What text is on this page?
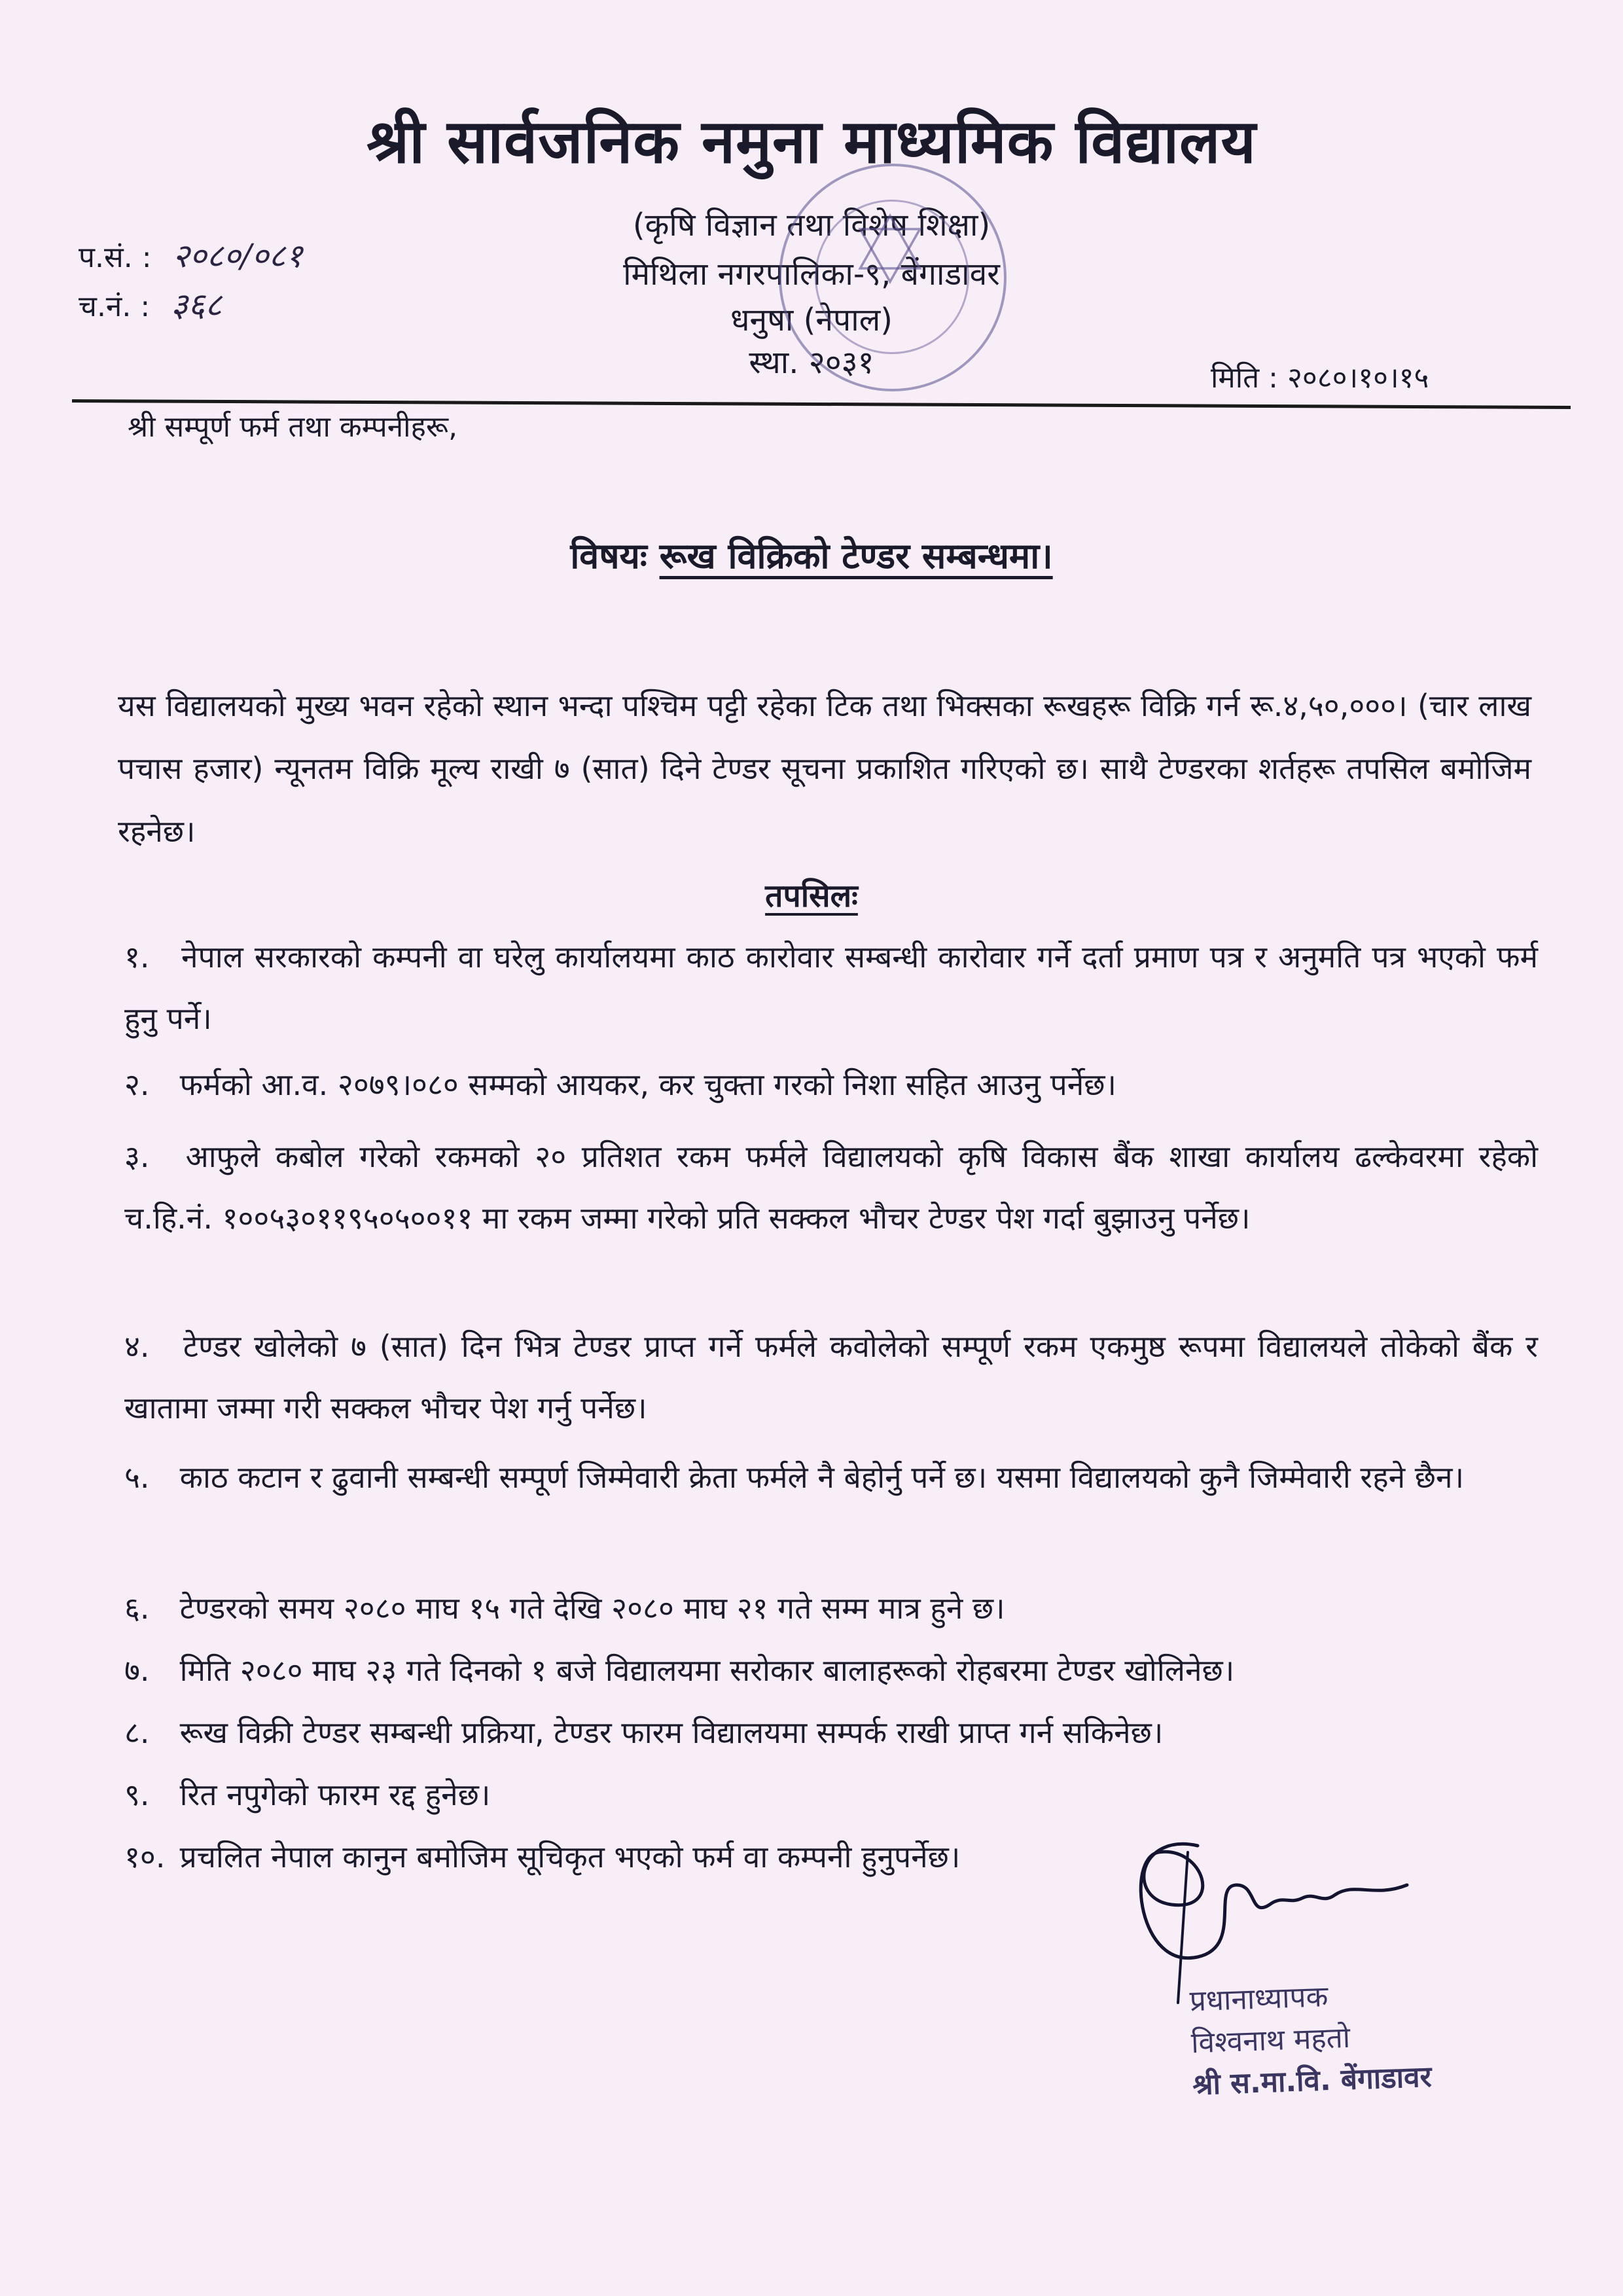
श्री सार्वजनिक नमुना माध्यमिक विद्यालय
(कृषि विज्ञान तथा विशेष शिक्षा)
मिथिला नगरपालिका-९, बेंगाडावर
धनुषा (नेपाल)
स्था. २०३१
प.सं. : २०८०/०८१
च.नं. : ३६८
मिति : २०८०।१०।१५
श्री सम्पूर्ण फर्म तथा कम्पनीहरू,
विषयः रूख विक्रिको टेण्डर सम्बन्धमा।
यस विद्यालयको मुख्य भवन रहेको स्थान भन्दा पश्चिम पट्टी रहेका टिक तथा भिक्सका रूखहरू विक्रि गर्न रू.४,५०,०००। (चार लाख पचास हजार) न्यूनतम विक्रि मूल्य राखी ७ (सात) दिने टेण्डर सूचना प्रकाशित गरिएको छ। साथै टेण्डरका शर्तहरू तपसिल बमोजिम रहनेछ।
तपसिलः
१. नेपाल सरकारको कम्पनी वा घरेलु कार्यालयमा काठ कारोवार सम्बन्धी कारोवार गर्ने दर्ता प्रमाण पत्र र अनुमति पत्र भएको फर्म हुनु पर्ने।
२. फर्मको आ.व. २०७९।०८० सम्मको आयकर, कर चुक्ता गरको निशा सहित आउनु पर्नेछ।
३. आफुले कबोल गरेको रकमको २० प्रतिशत रकम फर्मले विद्यालयको कृषि विकास बैंक शाखा कार्यालय ढल्केवरमा रहेको च.हि.नं. १००५३०११९५०५००११ मा रकम जम्मा गरेको प्रति सक्कल भौचर टेण्डर पेश गर्दा बुझाउनु पर्नेछ।
४. टेण्डर खोलेको ७ (सात) दिन भित्र टेण्डर प्राप्त गर्ने फर्मले कवोलेको सम्पूर्ण रकम एकमुष्ठ रूपमा विद्यालयले तोकेको बैंक र खातामा जम्मा गरी सक्कल भौचर पेश गर्नु पर्नेछ।
५. काठ कटान र ढुवानी सम्बन्धी सम्पूर्ण जिम्मेवारी क्रेता फर्मले नै बेहोर्नु पर्ने छ। यसमा विद्यालयको कुनै जिम्मेवारी रहने छैन।
६. टेण्डरको समय २०८० माघ १५ गते देखि २०८० माघ २१ गते सम्म मात्र हुने छ।
७. मिति २०८० माघ २३ गते दिनको १ बजे विद्यालयमा सरोकार बालाहरूको रोहबरमा टेण्डर खोलिनेछ।
८. रूख विक्री टेण्डर सम्बन्धी प्रक्रिया, टेण्डर फारम विद्यालयमा सम्पर्क राखी प्राप्त गर्न सकिनेछ।
९. रित नपुगेको फारम रद्द हुनेछ।
१०. प्रचलित नेपाल कानुन बमोजिम सूचिकृत भएको फर्म वा कम्पनी हुनुपर्नेछ।
प्रधानाध्यापक
विश्वनाथ महतो
श्री स.मा.वि. बेंगाडावर
